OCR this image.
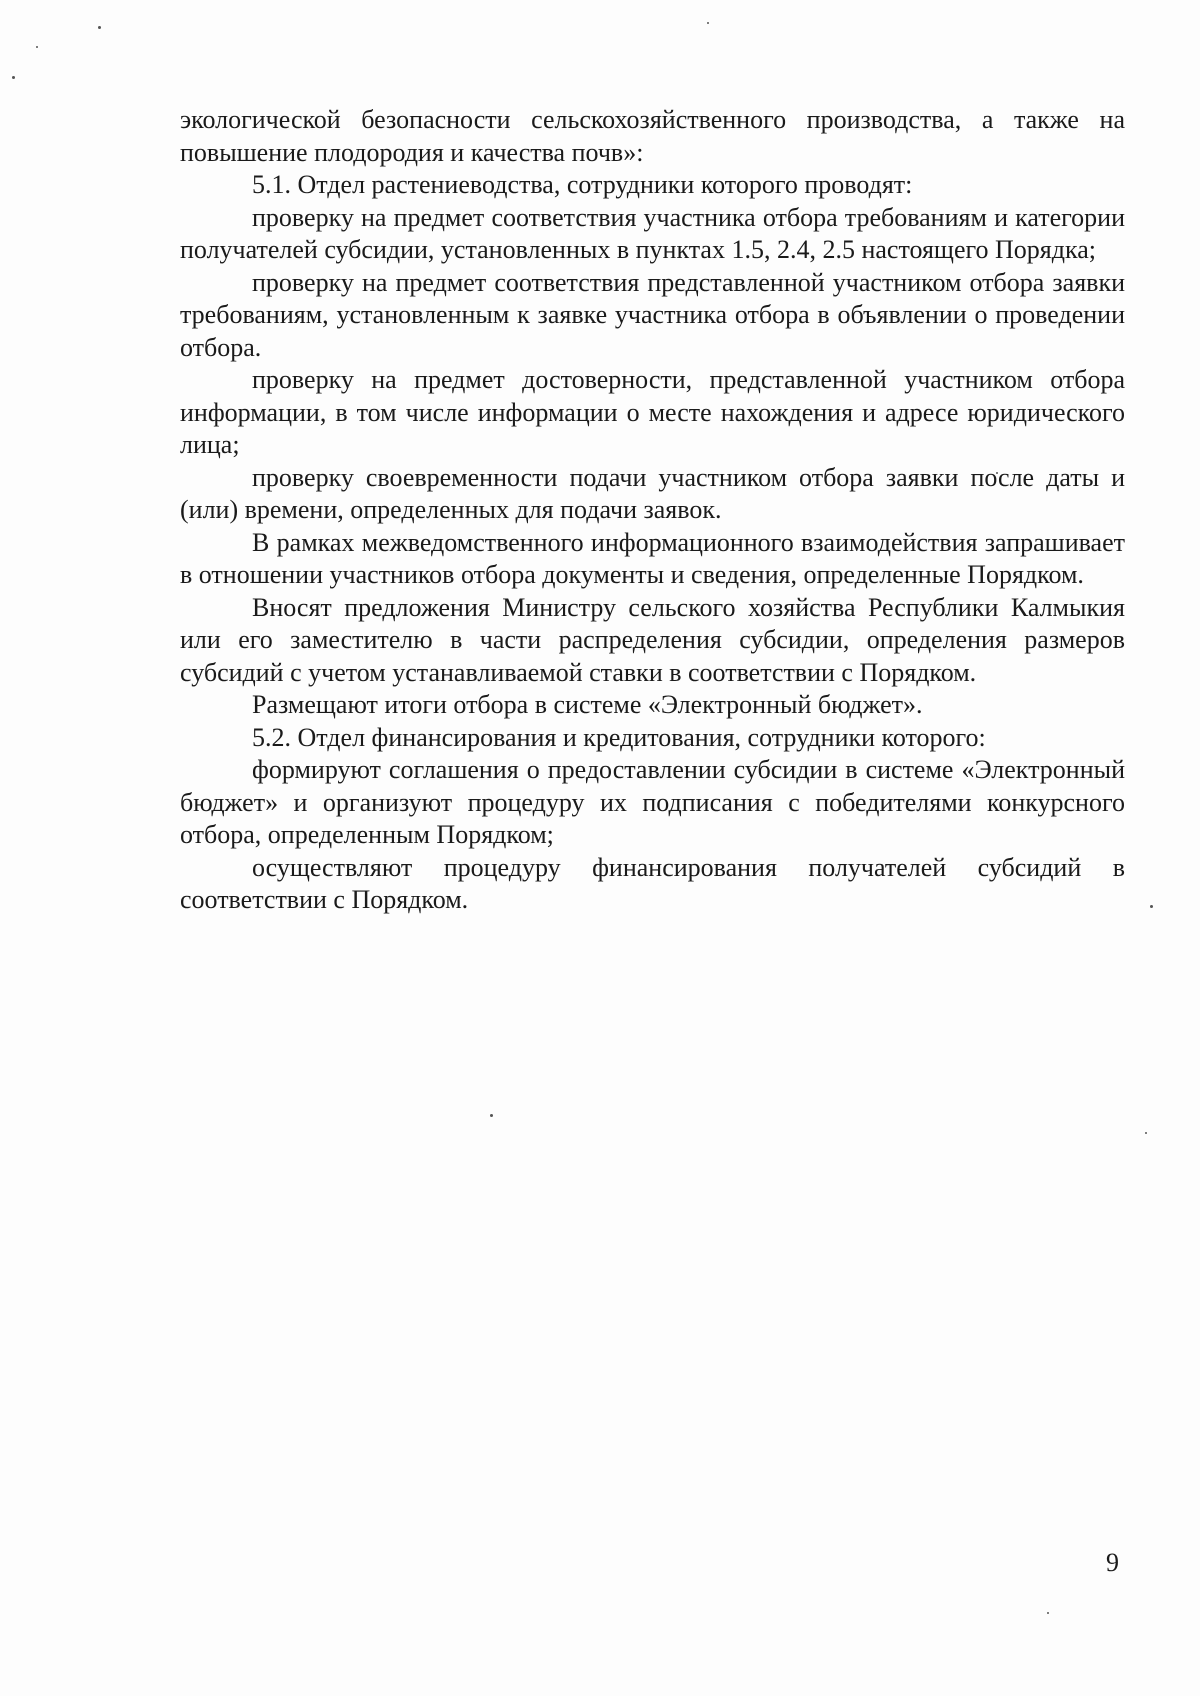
экологической безопасности сельскохозяйственного производства, а также на повышение плодородия и качества почв»:

5.1. Отдел растениеводства, сотрудники которого проводят:

проверку на предмет соответствия участника отбора требованиям и категории получателей субсидии, установленных в пунктах 1.5, 2.4, 2.5 настоящего Порядка;

проверку на предмет соответствия представленной участником отбора заявки требованиям, установленным к заявке участника отбора в объявлении о проведении отбора.

проверку на предмет достоверности, представленной участником отбора информации, в том числе информации о месте нахождения и адресе юридического лица;

проверку своевременности подачи участником отбора заявки после даты и (или) времени, определенных для подачи заявок.

В рамках межведомственного информационного взаимодействия запрашивает в отношении участников отбора документы и сведения, определенные Порядком.

Вносят предложения Министру сельского хозяйства Республики Калмыкия или его заместителю в части распределения субсидии, определения размеров субсидий с учетом устанавливаемой ставки в соответствии с Порядком.

Размещают итоги отбора в системе «Электронный бюджет».

5.2. Отдел финансирования и кредитования, сотрудники которого:

формируют соглашения о предоставлении субсидии в системе «Электронный бюджет» и организуют процедуру их подписания с победителями конкурсного отбора, определенным Порядком;

осуществляют процедуру финансирования получателей субсидий в соответствии с Порядком.

9
